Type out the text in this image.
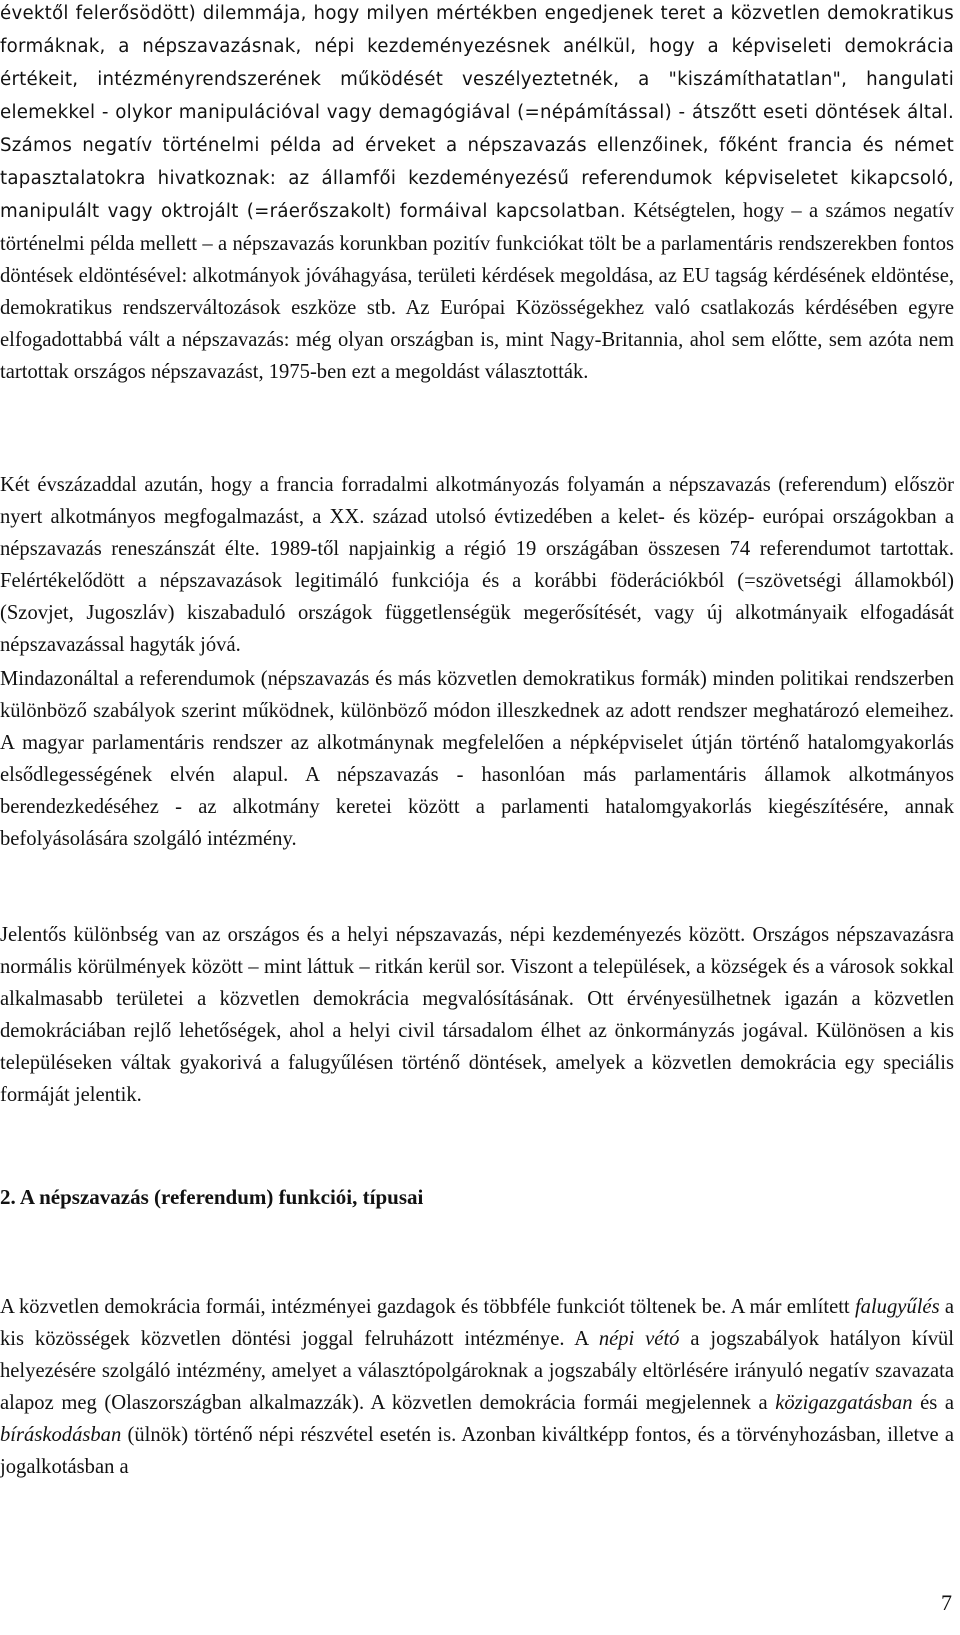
évektől felerősödött) dilemmája, hogy milyen mértékben engedjenek teret a közvetlen demokratikus formáknak, a népszavazásnak, népi kezdeményezésnek anélkül, hogy a képviseleti demokrácia értékeit, intézményrendszerének működését veszélyeztetnék, a "kiszámíthatatlan", hangulati elemekkel - olykor manipulációval vagy demagógiával (=népámítással) - átszőtt eseti döntések által. Számos negatív történelmi példa ad érveket a népszavazás ellenzőinek, főként francia és német tapasztalatokra hivatkoznak: az államfői kezdeményezésű referendumok képviseletet kikapcsoló, manipulált vagy oktrojált (=ráerőszakolt) formáival kapcsolatban. Kétségtelen, hogy – a számos negatív történelmi példa mellett – a népszavazás korunkban pozitív funkciókat tölt be a parlamentáris rendszerekben fontos döntések eldöntésével: alkotmányok jóváhagyása, területi kérdések megoldása, az EU tagság kérdésének eldöntése, demokratikus rendszerváltozások eszköze stb. Az Európai Közösségekhez való csatlakozás kérdésében egyre elfogadottabbá vált a népszavazás: még olyan országban is, mint Nagy-Britannia, ahol sem előtte, sem azóta nem tartottak országos népszavazást, 1975-ben ezt a megoldást választották.

Két évszázaddal azután, hogy a francia forradalmi alkotmányozás folyamán a népszavazás (referendum) először nyert alkotmányos megfogalmazást, a XX. század utolsó évtizedében a kelet- és közép- európai országokban a népszavazás reneszánszát élte. 1989-től napjainkig a régió 19 országában összesen 74 referendumot tartottak. Felértékelődött a népszavazások legitimáló funkciója és a korábbi föderációkból (=szövetségi államokból) (Szovjet, Jugoszláv) kiszabaduló országok függetlenségük megerősítését, vagy új alkotmányaik elfogadását népszavazással hagyták jóvá.

Mindazonáltal a referendumok (népszavazás és más közvetlen demokratikus formák) minden politikai rendszerben különböző szabályok szerint működnek, különböző módon illeszkednek az adott rendszer meghatározó elemeihez. A magyar parlamentáris rendszer az alkotmánynak megfelelően a népképviselet útján történő hatalomgyakorlás elsődlegességének elvén alapul. A népszavazás - hasonlóan más parlamentáris államok alkotmányos berendezkedéséhez - az alkotmány keretei között a parlamenti hatalomgyakorlás kiegészítésére, annak befolyásolására szolgáló intézmény.

Jelentős különbség van az országos és a helyi népszavazás, népi kezdeményezés között. Országos népszavazásra normális körülmények között – mint láttuk – ritkán kerül sor. Viszont a települések, a községek és a városok sokkal alkalmasabb területei a közvetlen demokrácia megvalósításának. Ott érvényesülhetnek igazán a közvetlen demokráciában rejlő lehetőségek, ahol a helyi civil társadalom élhet az önkormányzás jogával. Különösen a kis településeken váltak gyakorivá a falugyűlésen történő döntések, amelyek a közvetlen demokrácia egy speciális formáját jelentik.

2. A népszavazás (referendum) funkciói, típusai

A közvetlen demokrácia formái, intézményei gazdagok és többféle funkciót töltenek be. A már említett falugyűlés a kis közösségek közvetlen döntési joggal felruházott intézménye. A népi vétó a jogszabályok hatályon kívül helyezésére szolgáló intézmény, amelyet a választópolgároknak a jogszabály eltörlésére irányuló negatív szavazata alapoz meg (Olaszországban alkalmazzák). A közvetlen demokrácia formái megjelennek a közigazgatásban és a bíráskodásban (ülnök) történő népi részvétel esetén is. Azonban kiváltképp fontos, és a törvényhozásban, illetve a jogalkotásban a

7
